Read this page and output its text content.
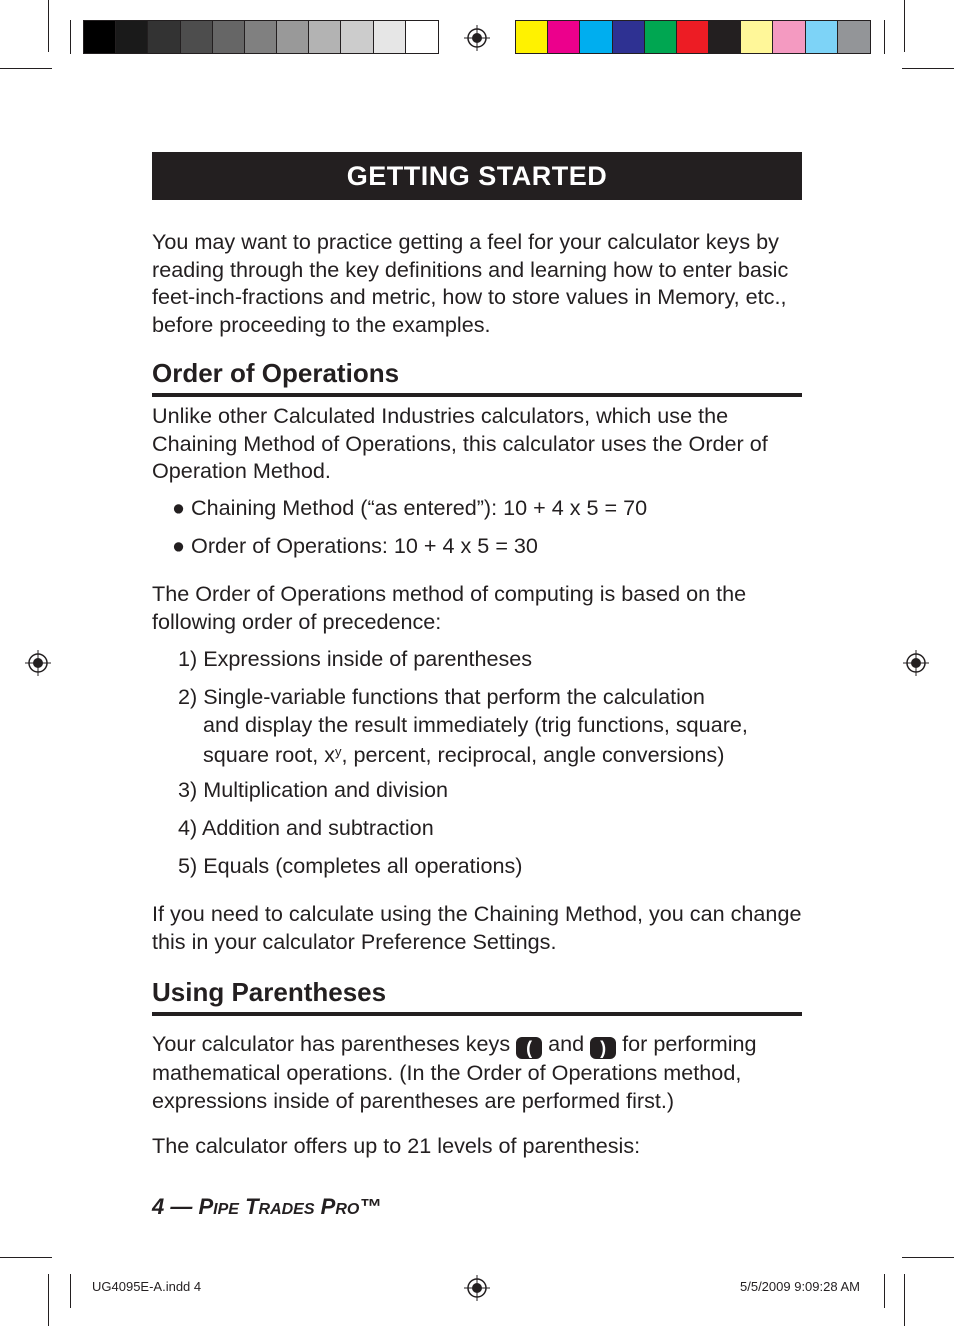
GETTING STARTED
You may want to practice getting a feel for your calculator keys by reading through the key definitions and learning how to enter basic feet-inch-fractions and metric, how to store values in Memory, etc., before proceeding to the examples.
Order of Operations
Unlike other Calculated Industries calculators, which use the Chaining Method of Operations, this calculator uses the Order of Operation Method.
● Chaining Method (“as entered”): 10 + 4 x 5 = 70
● Order of Operations: 10 + 4 x 5 = 30
The Order of Operations method of computing is based on the following order of precedence:
1) Expressions inside of parentheses
2) Single-variable functions that perform the calculation
and display the result immediately (trig functions, square,
square root, $x^y$, percent, reciprocal, angle conversions)
3) Multiplication and division
4) Addition and subtraction
5) Equals (completes all operations)
If you need to calculate using the Chaining Method, you can change this in your calculator Preference Settings.
Using Parentheses
Your calculator has parentheses keys ( and ) for performing mathematical operations. (In the Order of Operations method, expressions inside of parentheses are performed first.)
The calculator offers up to 21 levels of parenthesis:
4 — PIPE TRADES PRO™
UG4095E-A.indd 4	5/5/2009 9:09:28 AM
